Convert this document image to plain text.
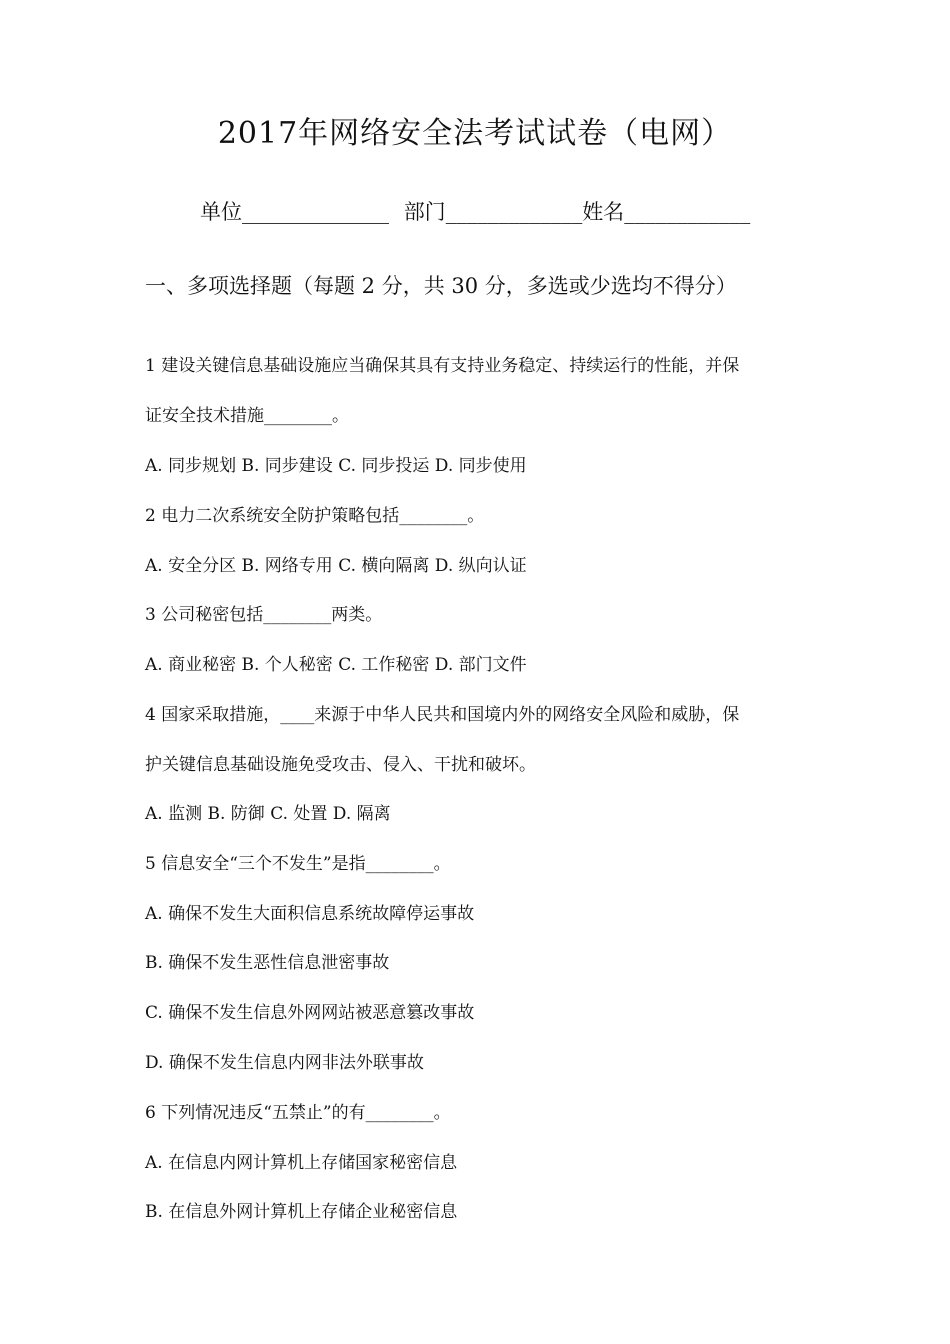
2017年网络安全法考试试卷（电网）
单位______________ 部门_____________姓名____________
一、多项选择题（每题 2 分，共 30 分，多选或少选均不得分）
1 建设关键信息基础设施应当确保其具有支持业务稳定、持续运行的性能，并保
证安全技术措施________。
A. 同步规划 B. 同步建设 C. 同步投运 D. 同步使用
2 电力二次系统安全防护策略包括________。
A. 安全分区 B. 网络专用 C. 横向隔离 D. 纵向认证
3 公司秘密包括________两类。
A. 商业秘密 B. 个人秘密 C. 工作秘密 D. 部门文件
4 国家采取措施，____来源于中华人民共和国境内外的网络安全风险和威胁，保
护关键信息基础设施免受攻击、侵入、干扰和破坏。
A. 监测 B. 防御 C. 处置 D. 隔离
5 信息安全“三个不发生”是指________。
A. 确保不发生大面积信息系统故障停运事故
B. 确保不发生恶性信息泄密事故
C. 确保不发生信息外网网站被恶意篡改事故
D. 确保不发生信息内网非法外联事故
6 下列情况违反“五禁止”的有________。
A. 在信息内网计算机上存储国家秘密信息
B. 在信息外网计算机上存储企业秘密信息
